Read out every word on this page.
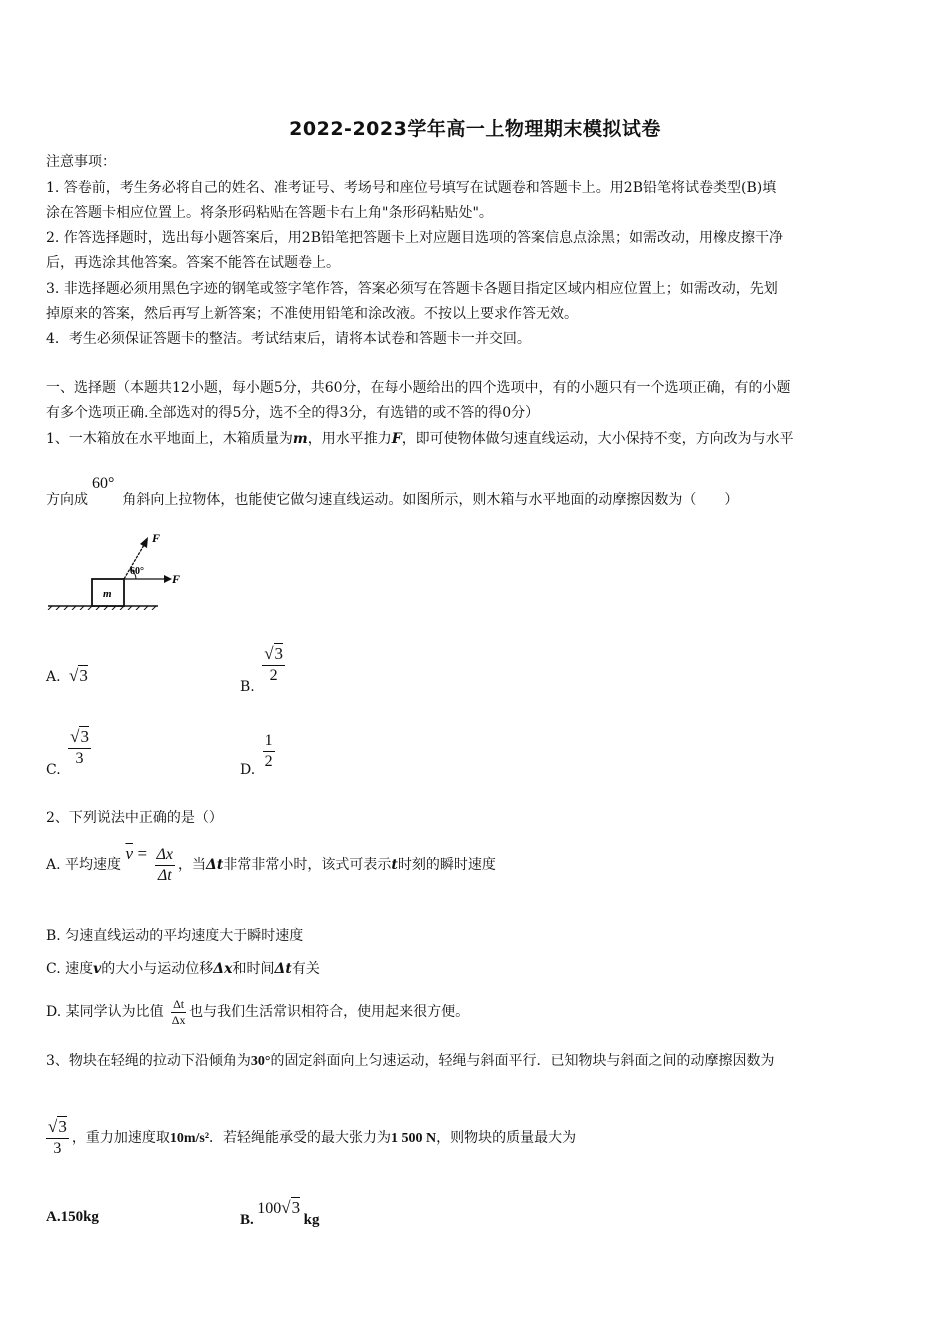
2022-2023学年高一上物理期末模拟试卷
注意事项：
1. 答卷前，考生务必将自己的姓名、准考证号、考场号和座位号填写在试题卷和答题卡上。用2B铅笔将试卷类型(B)填
涂在答题卡相应位置上。将条形码粘贴在答题卡右上角"条形码粘贴处"。
2. 作答选择题时，选出每小题答案后，用2B铅笔把答题卡上对应题目选项的答案信息点涂黑；如需改动，用橡皮擦干净
后，再选涂其他答案。答案不能答在试题卷上。
3. 非选择题必须用黑色字迹的钢笔或签字笔作答，答案必须写在答题卡各题目指定区域内相应位置上；如需改动，先划
掉原来的答案，然后再写上新答案；不准使用铅笔和涂改液。不按以上要求作答无效。
4．考生必须保证答题卡的整洁。考试结束后，请将本试卷和答题卡一并交回。
一、选择题（本题共12小题，每小题5分，共60分，在每小题给出的四个选项中，有的小题只有一个选项正确，有的小题
有多个选项正确.全部选对的得5分，选不全的得3分，有选错的或不答的得0分）
1、一木箱放在水平地面上，木箱质量为m，用水平推力F，即可使物体做匀速直线运动，大小保持不变，方向改为与水平
方向成60°角斜向上拉物体，也能使它做匀速直线运动。如图所示，则木箱与水平地面的动摩擦因数为（　　）
m
F
F
60°
A. √3
B.
$\frac{√3}{2}$
C.
$\frac{√3}{3}$
D. $\frac{1}{2}$
2、下列说法中正确的是（）
A. 平均速度 $\overline{v} = \frac{\Delta x}{\Delta t}$ ，当Δt非常非常小时，该式可表示t时刻的瞬时速度
B. 匀速直线运动的平均速度大于瞬时速度
C. 速度v的大小与运动位移Δx和时间Δt有关
D. 某同学认为比值 $\frac{\Delta t}{\Delta x}$ 也与我们生活常识相符合，使用起来很方便。
3、物块在轻绳的拉动下沿倾角为30°的固定斜面向上匀速运动，轻绳与斜面平行．已知物块与斜面之间的动摩擦因数为
$\frac{√3}{3}$ ，重力加速度取10m/s²．若轻绳能承受的最大张力为1 500 N，则物块的质量最大为
A.150kg	B. 100√3 kg
